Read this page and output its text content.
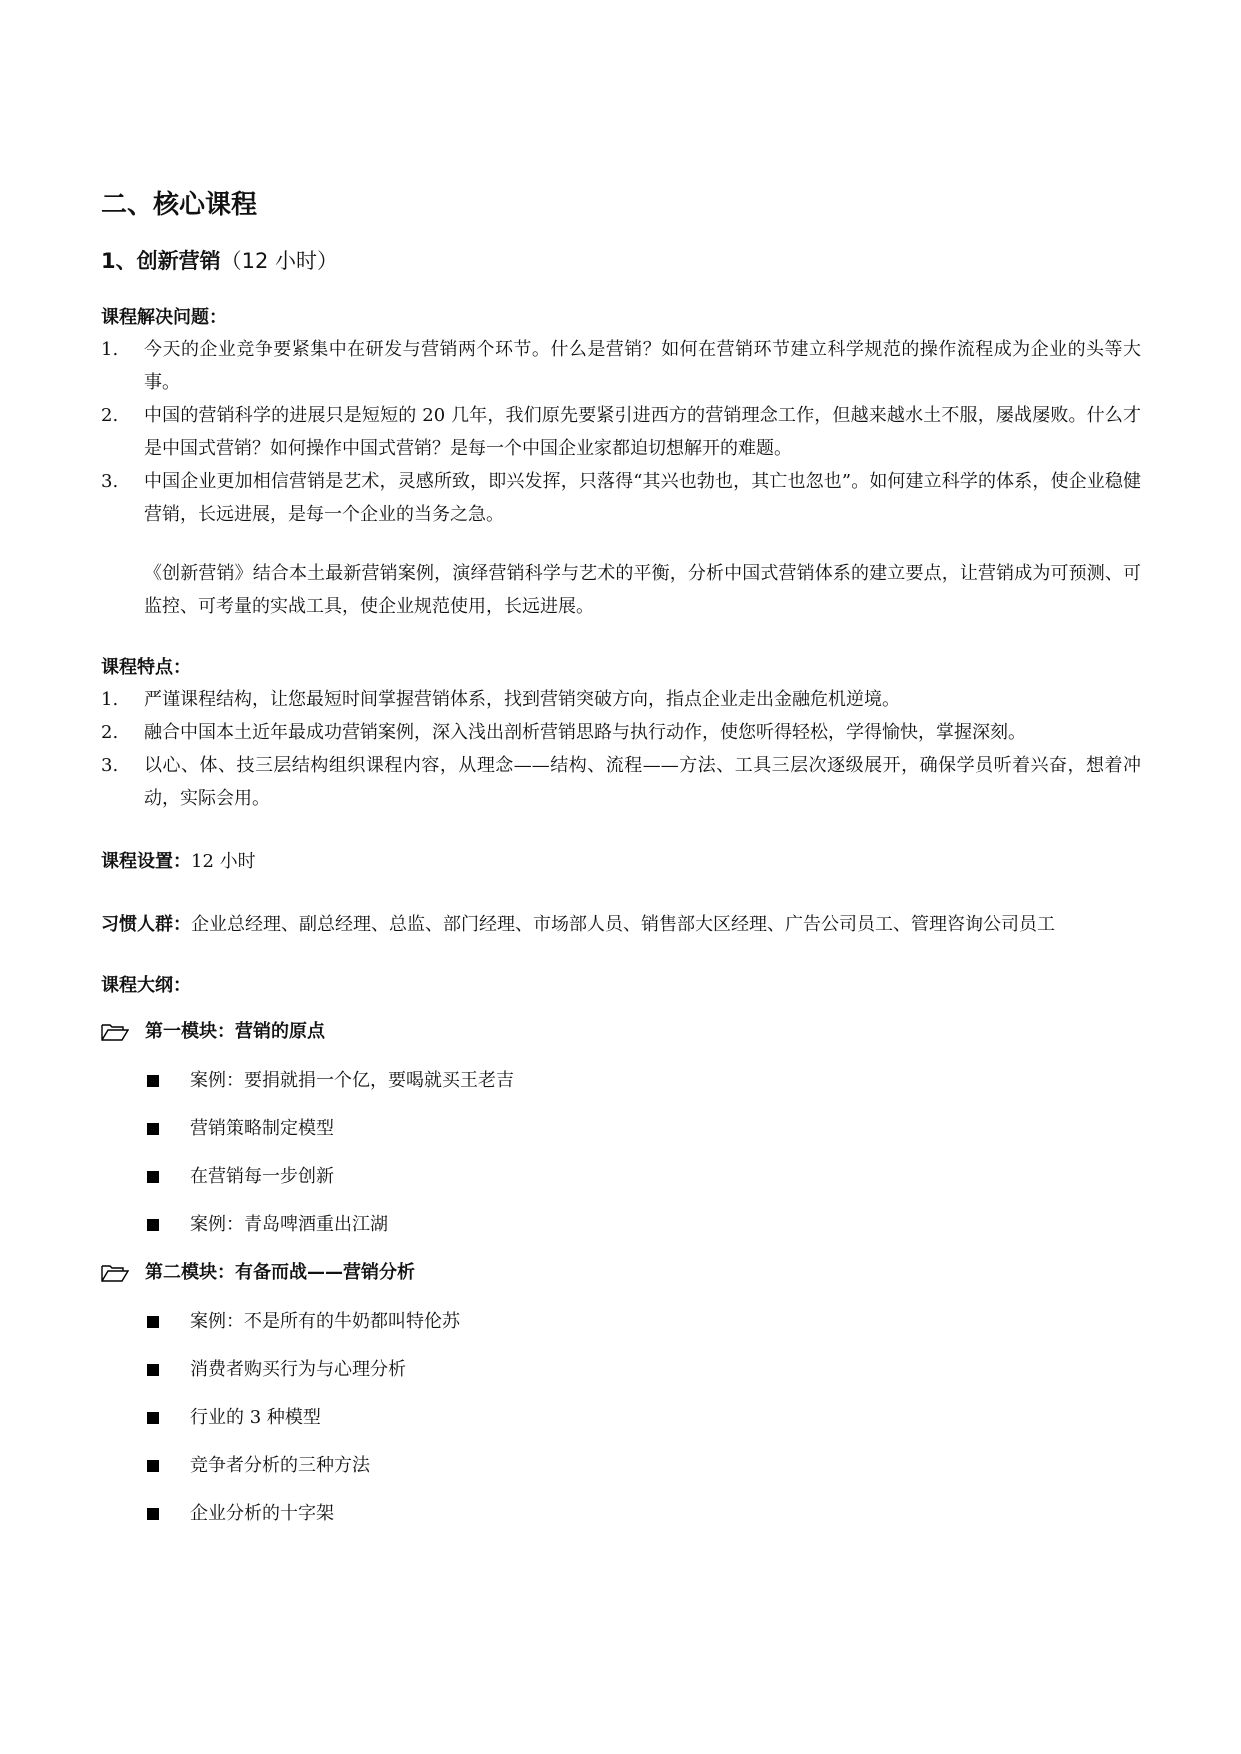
二、核心课程
1、创新营销（12 小时）
课程解决问题：
1. 今天的企业竞争要紧集中在研发与营销两个环节。什么是营销？如何在营销环节建立科学规范的操作流程成为企业的头等大事。
2. 中国的营销科学的进展只是短短的 20 几年，我们原先要紧引进西方的营销理念工作，但越来越水土不服，屡战屡败。什么才是中国式营销？如何操作中国式营销？是每一个中国企业家都迫切想解开的难题。
3. 中国企业更加相信营销是艺术，灵感所致，即兴发挥，只落得“其兴也勃也，其亡也忽也”。如何建立科学的体系，使企业稳健营销，长远进展，是每一个企业的当务之急。
《创新营销》结合本土最新营销案例，演绎营销科学与艺术的平衡，分析中国式营销体系的建立要点，让营销成为可预测、可监控、可考量的实战工具，使企业规范使用，长远进展。
课程特点：
1. 严谨课程结构，让您最短时间掌握营销体系，找到营销突破方向，指点企业走出金融危机逆境。
2. 融合中国本土近年最成功营销案例，深入浅出剖析营销思路与执行动作，使您听得轻松，学得愉快，掌握深刻。
3. 以心、体、技三层结构组织课程内容，从理念——结构、流程——方法、工具三层次逐级展开，确保学员听着兴奋，想着冲动，实际会用。
课程设置：12 小时
习惯人群：企业总经理、副总经理、总监、部门经理、市场部人员、销售部大区经理、广告公司员工、管理咨询公司员工
课程大纲：
第一模块：营销的原点
案例：要捐就捐一个亿，要喝就买王老吉
营销策略制定模型
在营销每一步创新
案例：青岛啤酒重出江湖
第二模块：有备而战——营销分析
案例：不是所有的牛奶都叫特伦苏
消费者购买行为与心理分析
行业的 3 种模型
竞争者分析的三种方法
企业分析的十字架
